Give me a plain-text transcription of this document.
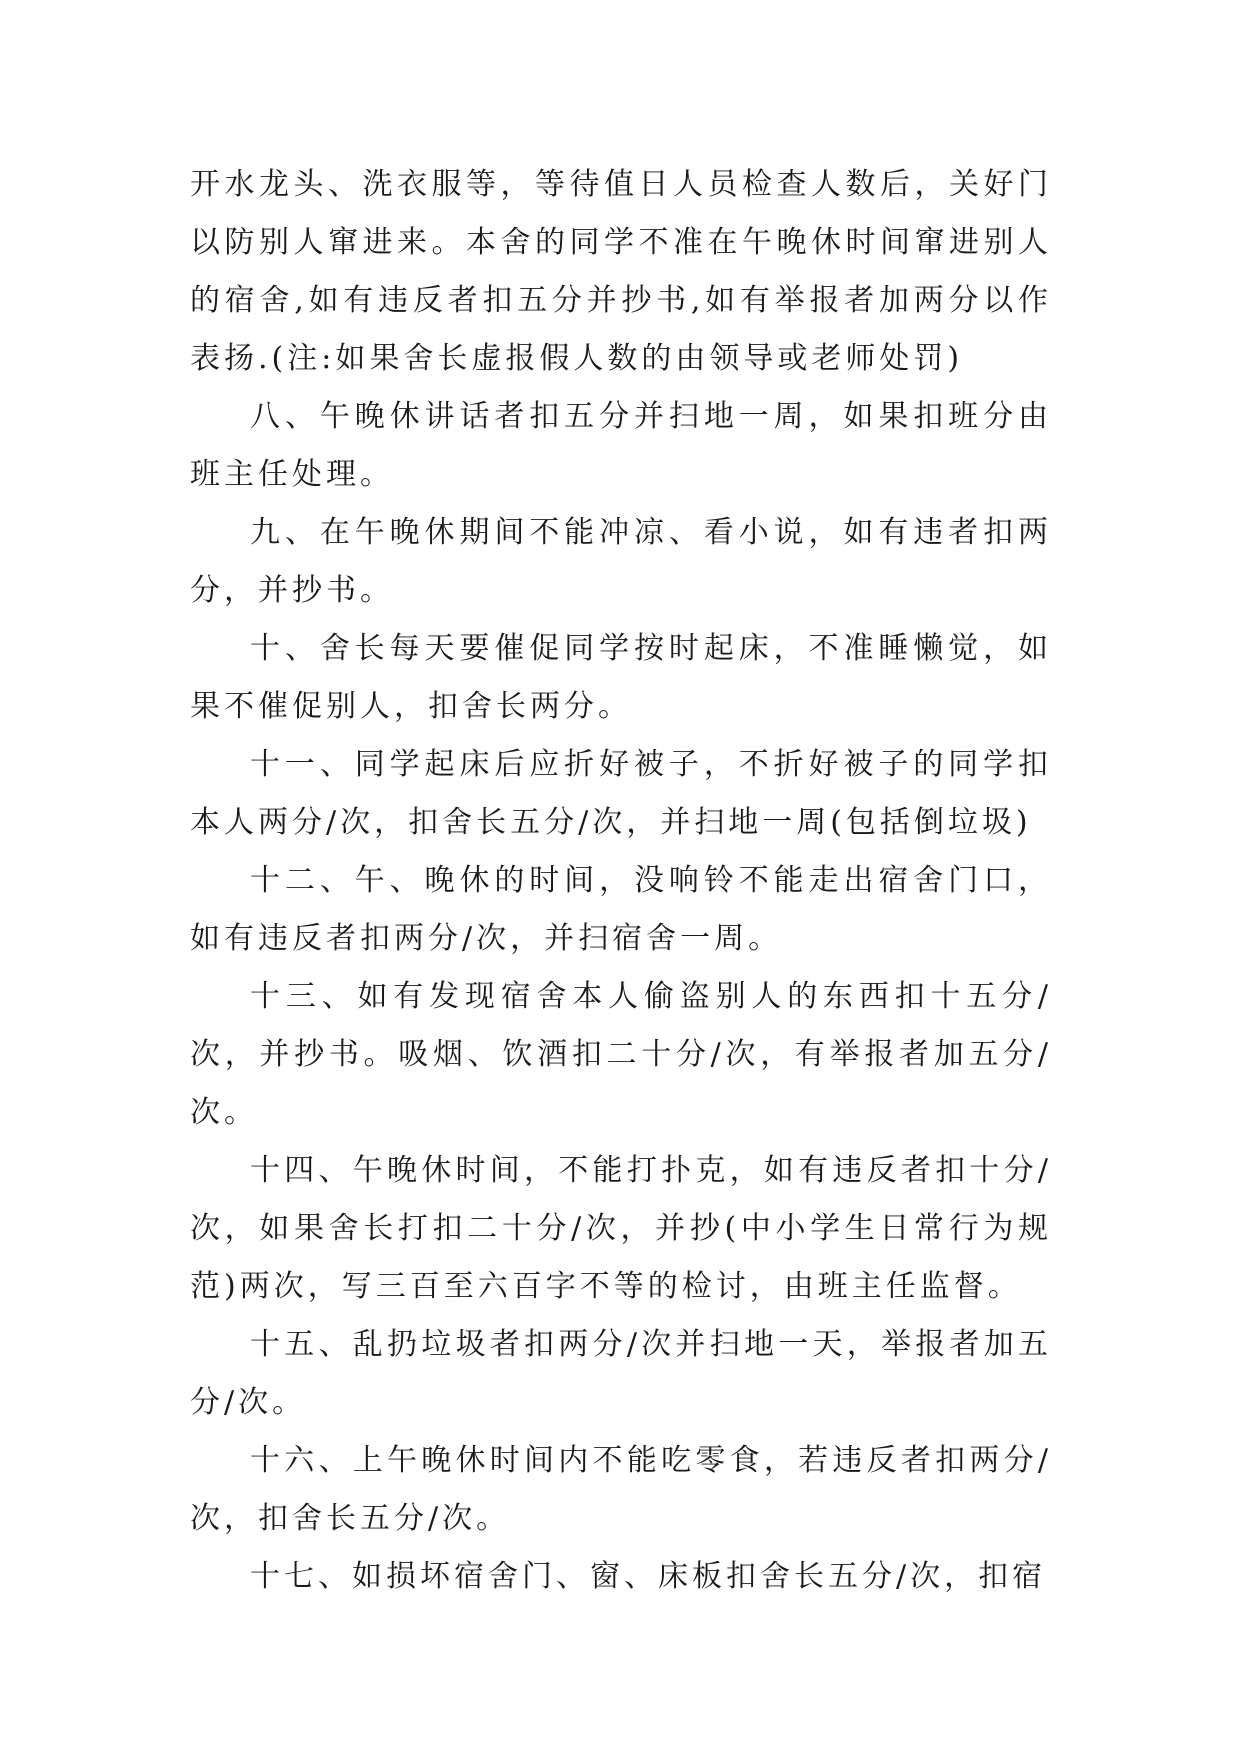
开水龙头、洗衣服等，等待值日人员检查人数后，关好门以防别人窜进来。本舍的同学不准在午晚休时间窜进别人的宿舍,如有违反者扣五分并抄书,如有举报者加两分以作表扬.(注:如果舍长虚报假人数的由领导或老师处罚)

八、午晚休讲话者扣五分并扫地一周，如果扣班分由班主任处理。

九、在午晚休期间不能冲凉、看小说，如有违者扣两分，并抄书。

十、舍长每天要催促同学按时起床，不准睡懒觉，如果不催促别人，扣舍长两分。

十一、同学起床后应折好被子，不折好被子的同学扣本人两分/次，扣舍长五分/次，并扫地一周(包括倒垃圾)

十二、午、晚休的时间，没响铃不能走出宿舍门口，如有违反者扣两分/次，并扫宿舍一周。

十三、如有发现宿舍本人偷盗别人的东西扣十五分/次，并抄书。吸烟、饮酒扣二十分/次，有举报者加五分/次。

十四、午晚休时间，不能打扑克，如有违反者扣十分/次，如果舍长打扣二十分/次，并抄(中小学生日常行为规范)两次，写三百至六百字不等的检讨，由班主任监督。

十五、乱扔垃圾者扣两分/次并扫地一天，举报者加五分/次。

十六、上午晚休时间内不能吃零食，若违反者扣两分/次，扣舍长五分/次。

十七、如损坏宿舍门、窗、床板扣舍长五分/次，扣宿
